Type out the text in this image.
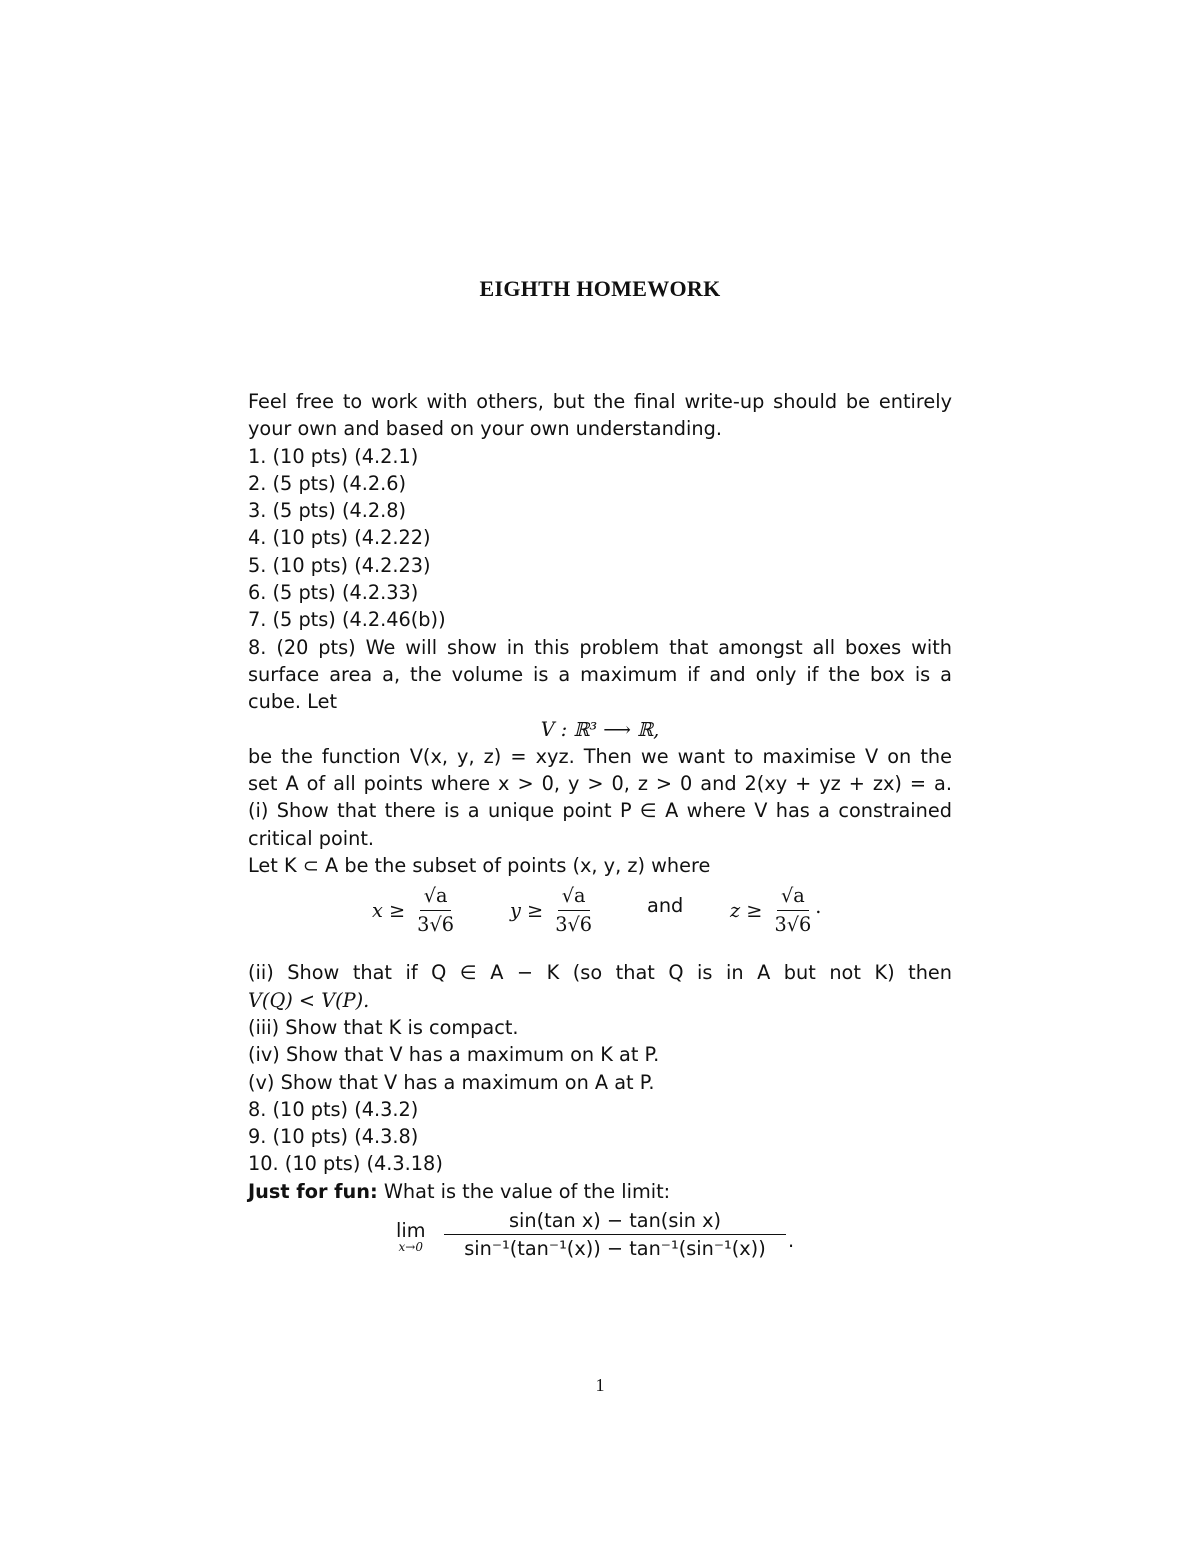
EIGHTH HOMEWORK
Feel free to work with others, but the final write-up should be entirely
your own and based on your own understanding.
1. (10 pts) (4.2.1)
2. (5 pts) (4.2.6)
3. (5 pts) (4.2.8)
4. (10 pts) (4.2.22)
5. (10 pts) (4.2.23)
6. (5 pts) (4.2.33)
7. (5 pts) (4.2.46(b))
8. (20 pts) We will show in this problem that amongst all boxes with
surface area a, the volume is a maximum if and only if the box is a
cube. Let
V : ℝ³ ⟶ ℝ,
be the function V(x, y, z) = xyz. Then we want to maximise V on the
set A of all points where x > 0, y > 0, z > 0 and 2(xy + yz + zx) = a.
(i) Show that there is a unique point P ∈ A where V has a constrained
critical point.
Let K ⊂ A be the subset of points (x, y, z) where
$x \ge \frac{√a}{3√6}$	$y \ge \frac{√a}{3√6}$	and $z \ge \frac{√a}{3√6}$ .
(ii) Show that if Q ∈ A − K (so that Q is in A but not K) then
V(Q) < V(P).
(iii) Show that K is compact.
(iv) Show that V has a maximum on K at P.
(v) Show that V has a maximum on A at P.
8. (10 pts) (4.3.2)
9. (10 pts) (4.3.8)
10. (10 pts) (4.3.18)
Just for fun: What is the value of the limit:
lim
$x\to 0 \frac{\text{sin(tan x) − tan(sin x)}}{\text{sin⁻¹(tan⁻¹(x)) − tan⁻¹(sin⁻¹(x))}}$ .
1
